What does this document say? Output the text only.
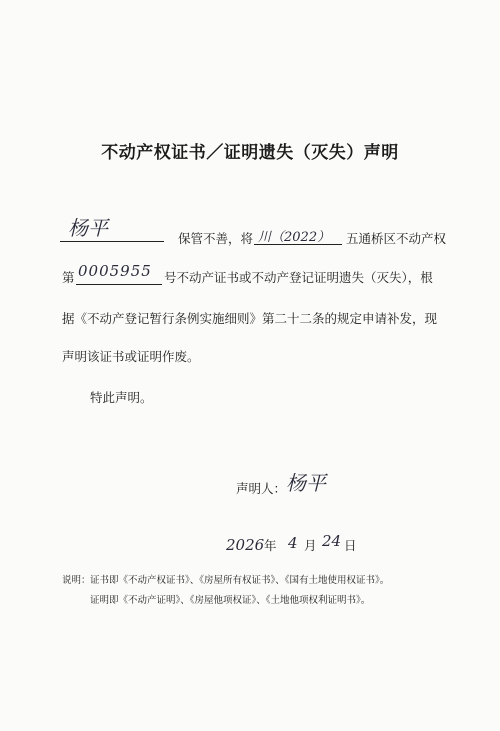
不动产权证书／证明遗失（灭失）声明
杨平	保管不善，将 川（2022） 五通桥区不动产权
第 0005955 号不动产证书或不动产登记证明遗失（灭失），根
据《不动产登记暂行条例实施细则》第二十二条的规定申请补发，现
声明该证书或证明作废。
特此声明。
声明人： 杨平
2026 年 4 月 24 日
说明： 证书即《不动产权证书》、《房屋所有权证书》、《国有土地使用权证书》。
证明即《不动产证明》、《房屋他项权证》、《土地他项权利证明书》。
